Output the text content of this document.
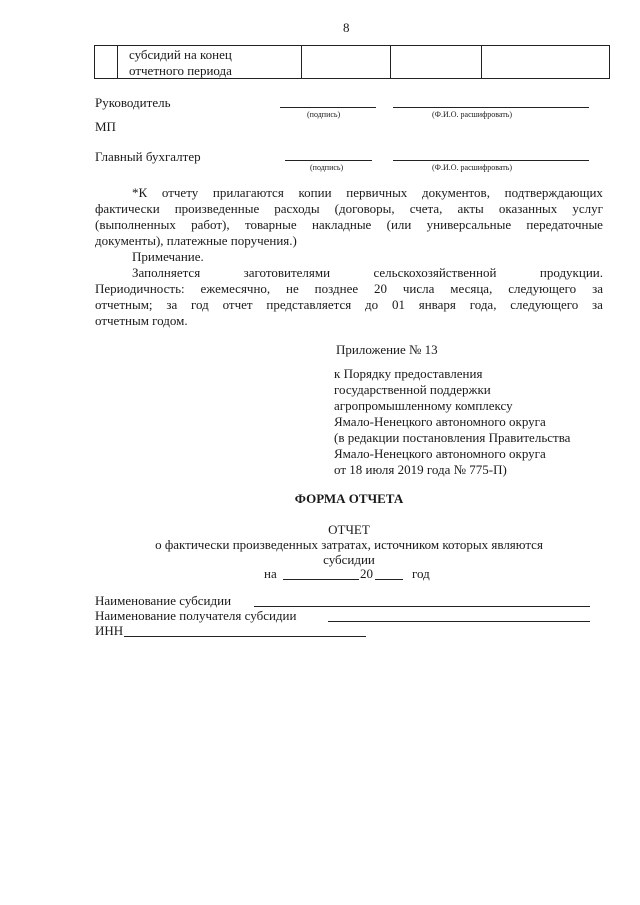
8
субсидий на конец
отчетного периода
Руководитель
(подпись)	(Ф.И.О. расшифровать)
МП
Главный бухгалтер
(подпись)	(Ф.И.О. расшифровать)
*К отчету прилагаются копии первичных документов, подтверждающих
фактически произведенные расходы (договоры, счета, акты оказанных услуг
(выполненных работ), товарные накладные (или универсальные передаточные
документы), платежные поручения.)
Примечание.
Заполняется	заготовителями	сельскохозяйственной	продукции.
Периодичность: ежемесячно, не позднее 20 числа месяца, следующего за
отчетным; за год отчет представляется до 01 января года, следующего за
отчетным годом.
Приложение № 13
к Порядку предоставления
государственной поддержки
агропромышленному комплексу
Ямало-Ненецкого автономного округа
(в редакции постановления Правительства
Ямало-Ненецкого автономного округа
от 18 июля 2019 года № 775-П)
ФОРМА ОТЧЕТА
ОТЧЕТ
о фактически произведенных затратах, источником которых являются
субсидии
на	20	год
Наименование субсидии
Наименование получателя субсидии
ИНН
